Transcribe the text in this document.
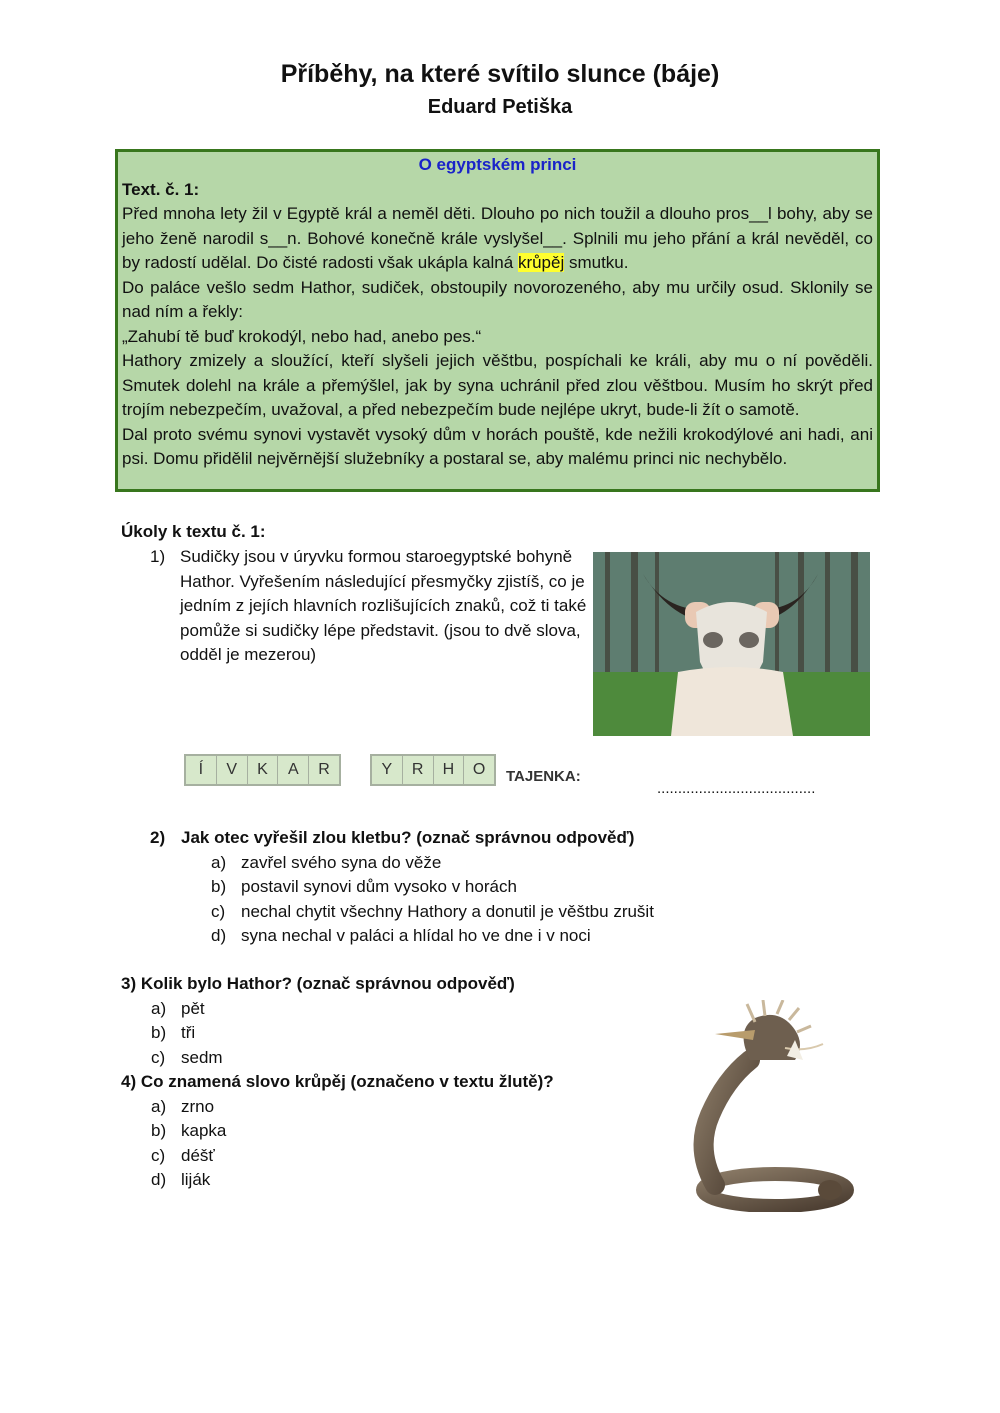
Příběhy, na které svítilo slunce (báje)
Eduard Petiška
O egyptském princi
Text. č. 1:

Před mnoha lety žil v Egyptě král a neměl děti. Dlouho po nich toužil a dlouho pros__l bohy, aby se jeho ženě narodil s__n. Bohové konečně krále vyslyšel__. Splnili mu jeho přání a král nevěděl, co by radostí udělal. Do čisté radosti však ukápla kalná krůpěj smutku.

Do paláce vešlo sedm Hathor, sudiček, obstoupily novorozeného, aby mu určily osud. Sklonily se nad ním a řekly:

„Zahubí tě buď krokodýl, nebo had, anebo pes.“

Hathory zmizely a sloužící, kteří slyšeli jejich věštbu, pospíchali ke králi, aby mu o ní pověděli. Smutek dolehl na krále a přemýšlel, jak by syna uchránil před zlou věštbou. Musím ho skrýt před trojím nebezpečím, uvažoval, a před nebezpečím bude nejlépe ukryt, bude-li žít o samotě.

Dal proto svému synovi vystavět vysoký dům v horách pouště, kde nežili krokodýlové ani hadi, ani psi. Domu přidělil nejvěrnější služebníky a postaral se, aby malému princi nic nechybělo.

Úkoly k textu č. 1:
1) Sudičky jsou v úryvku formou staroegyptské bohyně Hathor. Vyřešením následující přesmyčky zjistíš, co je jedním z jejích hlavních rozlišujících znaků, což ti také pomůže si sudičky lépe představit. (jsou to dvě slova, odděl je mezerou)
Í	V	K	A	R	Y	R	H	O	TAJENKA:
......................................
2) Jak otec vyřešil zlou kletbu? (označ správnou odpověď)
a) zavřel svého syna do věže
b) postavil synovi dům vysoko v horách
c) nechal chytit všechny Hathory a donutil je věštbu zrušit
d) syna nechal v paláci a hlídal ho ve dne i v noci
3) Kolik bylo Hathor? (označ správnou odpověď)
a) pět
b) tři
c) sedm
4) Co znamená slovo krůpěj (označeno v textu žlutě)?
a) zrno
b) kapka
c) déšť
d) liják
